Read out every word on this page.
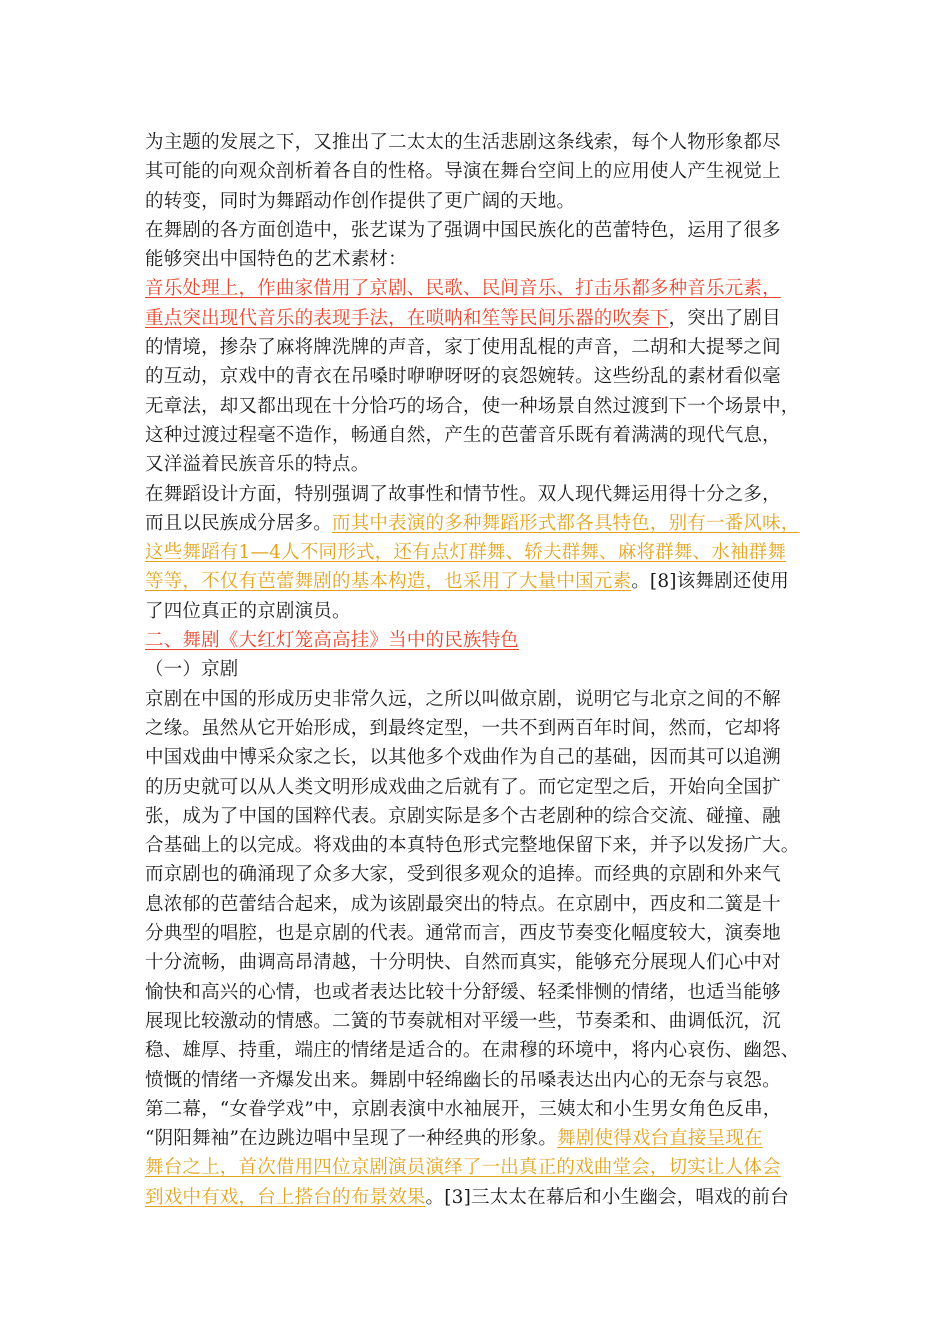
为主题的发展之下，又推出了二太太的生活悲剧这条线索，每个人物形象都尽
其可能的向观众剖析着各自的性格。导演在舞台空间上的应用使人产生视觉上
的转变，同时为舞蹈动作创作提供了更广阔的天地。
在舞剧的各方面创造中，张艺谋为了强调中国民族化的芭蕾特色，运用了很多
能够突出中国特色的艺术素材：
音乐处理上，作曲家借用了京剧、民歌、民间音乐、打击乐都多种音乐元素，
重点突出现代音乐的表现手法，在唢呐和笙等民间乐器的吹奏下，突出了剧目
的情境，掺杂了麻将牌洗牌的声音，家丁使用乱棍的声音，二胡和大提琴之间
的互动，京戏中的青衣在吊嗓时咿咿呀呀的哀怨婉转。这些纷乱的素材看似毫
无章法，却又都出现在十分恰巧的场合，使一种场景自然过渡到下一个场景中，
这种过渡过程毫不造作，畅通自然，产生的芭蕾音乐既有着满满的现代气息，
又洋溢着民族音乐的特点。
在舞蹈设计方面，特别强调了故事性和情节性。双人现代舞运用得十分之多，
而且以民族成分居多。而其中表演的多种舞蹈形式都各具特色，别有一番风味，
这些舞蹈有1—4人不同形式，还有点灯群舞、轿夫群舞、麻将群舞、水袖群舞
等等，不仅有芭蕾舞剧的基本构造，也采用了大量中国元素。[8]该舞剧还使用
了四位真正的京剧演员。
二、舞剧《大红灯笼高高挂》当中的民族特色
（一）京剧
京剧在中国的形成历史非常久远，之所以叫做京剧，说明它与北京之间的不解
之缘。虽然从它开始形成，到最终定型，一共不到两百年时间，然而，它却将
中国戏曲中博采众家之长，以其他多个戏曲作为自己的基础，因而其可以追溯
的历史就可以从人类文明形成戏曲之后就有了。而它定型之后，开始向全国扩
张，成为了中国的国粹代表。京剧实际是多个古老剧种的综合交流、碰撞、融
合基础上的以完成。将戏曲的本真特色形式完整地保留下来，并予以发扬广大。
而京剧也的确涌现了众多大家，受到很多观众的追捧。而经典的京剧和外来气
息浓郁的芭蕾结合起来，成为该剧最突出的特点。在京剧中，西皮和二簧是十
分典型的唱腔，也是京剧的代表。通常而言，西皮节奏变化幅度较大，演奏地
十分流畅，曲调高昂清越，十分明快、自然而真实，能够充分展现人们心中对
愉快和高兴的心情，也或者表达比较十分舒缓、轻柔悱恻的情绪，也适当能够
展现比较激动的情感。二簧的节奏就相对平缓一些，节奏柔和、曲调低沉，沉
稳、雄厚、持重，端庄的情绪是适合的。在肃穆的环境中，将内心哀伤、幽怨、
愤慨的情绪一齐爆发出来。舞剧中轻绵幽长的吊嗓表达出内心的无奈与哀怨。
第二幕，“女眷学戏”中，京剧表演中水袖展开，三姨太和小生男女角色反串，
“阴阳舞袖”在边跳边唱中呈现了一种经典的形象。舞剧使得戏台直接呈现在
舞台之上，首次借用四位京剧演员演绎了一出真正的戏曲堂会，切实让人体会
到戏中有戏，台上搭台的布景效果。[3]三太太在幕后和小生幽会，唱戏的前台
